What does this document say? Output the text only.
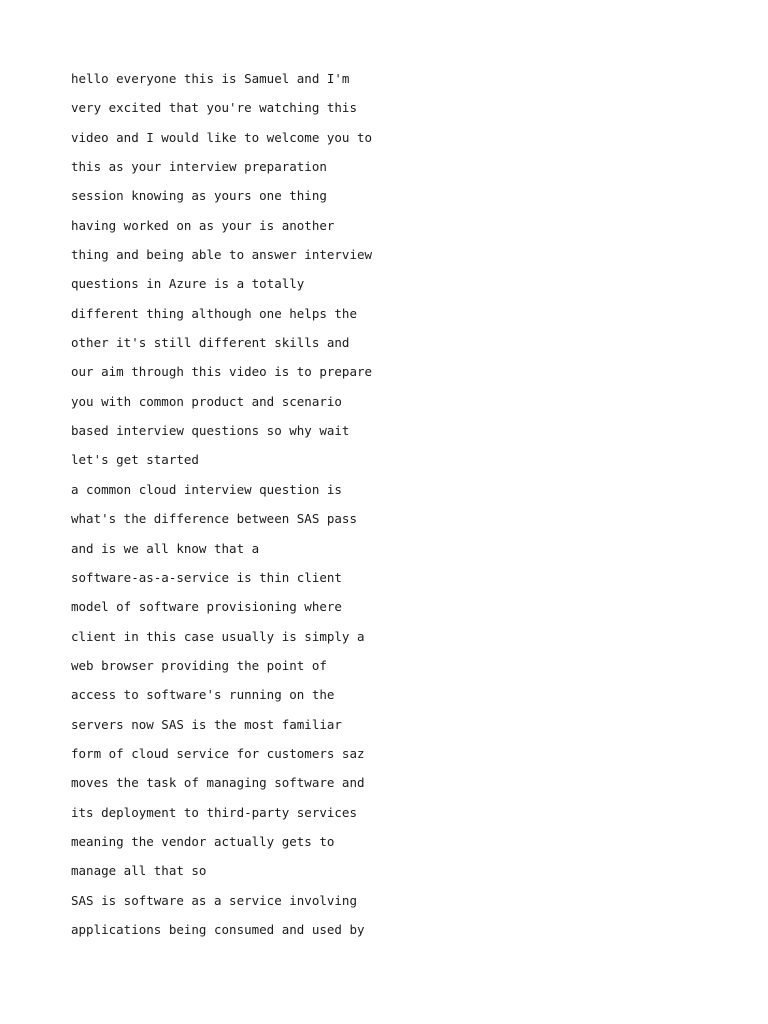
hello everyone this is Samuel and I'm
very excited that you're watching this
video and I would like to welcome you to
this as your interview preparation
session knowing as yours one thing
having worked on as your is another
thing and being able to answer interview
questions in Azure is a totally
different thing although one helps the
other it's still different skills and
our aim through this video is to prepare
you with common product and scenario
based interview questions so why wait
let's get started
a common cloud interview question is
what's the difference between SAS pass
and is we all know that a
software-as-a-service is thin client
model of software provisioning where
client in this case usually is simply a
web browser providing the point of
access to software's running on the
servers now SAS is the most familiar
form of cloud service for customers saz
moves the task of managing software and
its deployment to third-party services
meaning the vendor actually gets to
manage all that so
SAS is software as a service involving
applications being consumed and used by
